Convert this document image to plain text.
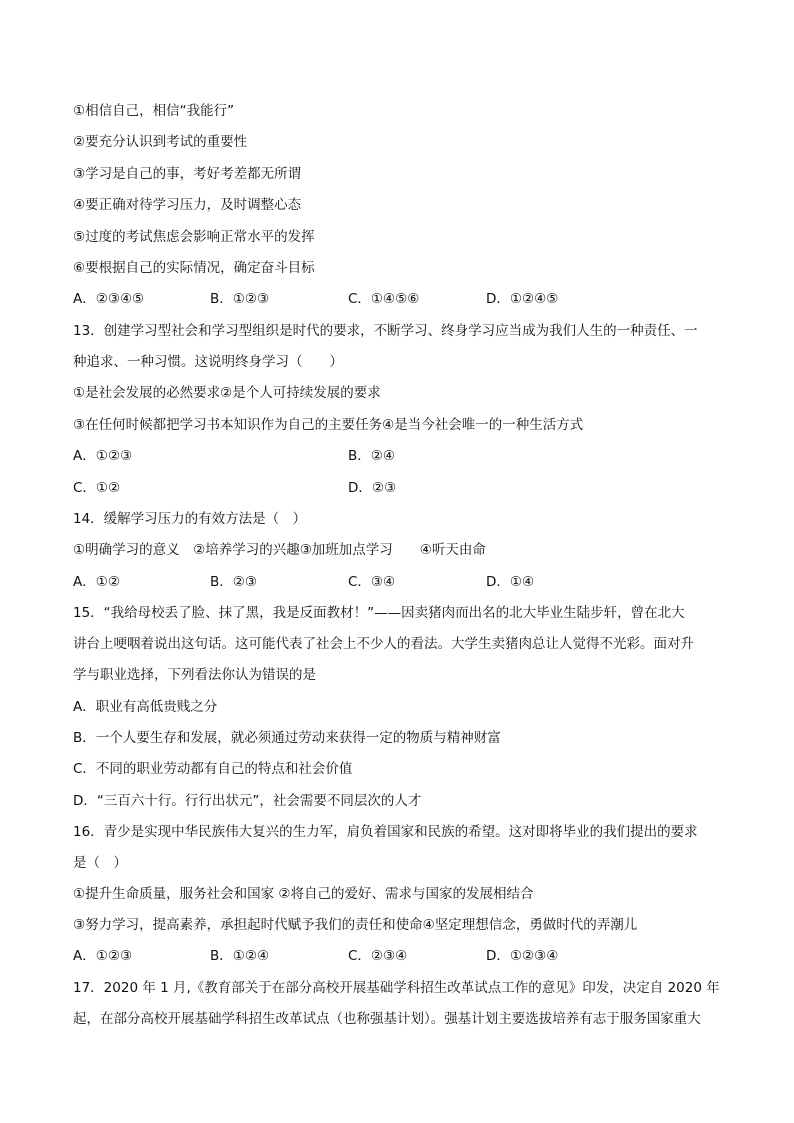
①相信自己，相信“我能行”
②要充分认识到考试的重要性
③学习是自己的事，考好考差都无所谓
④要正确对待学习压力，及时调整心态
⑤过度的考试焦虑会影响正常水平的发挥
⑥要根据自己的实际情况，确定奋斗目标
A．②③④⑤	B．①②③	C．①④⑤⑥	D．①②④⑤
13．创建学习型社会和学习型组织是时代的要求，不断学习、终身学习应当成为我们人生的一种责任、一
种追求、一种习惯。这说明终身学习（　　）
①是社会发展的必然要求②是个人可持续发展的要求
③在任何时候都把学习书本知识作为自己的主要任务④是当今社会唯一的一种生活方式
A．①②③	B．②④
C．①②	D．②③
14．缓解学习压力的有效方法是（　）
①明确学习的意义　②培养学习的兴趣③加班加点学习　　④听天由命
A．①②	B．②③	C．③④	D．①④
15．“我给母校丢了脸、抹了黑，我是反面教材！”——因卖猪肉而出名的北大毕业生陆步轩，曾在北大
讲台上哽咽着说出这句话。这可能代表了社会上不少人的看法。大学生卖猪肉总让人觉得不光彩。面对升
学与职业选择，下列看法你认为错误的是
A．职业有高低贵贱之分
B．一个人要生存和发展，就必须通过劳动来获得一定的物质与精神财富
C．不同的职业劳动都有自己的特点和社会价值
D．“三百六十行。行行出状元”，社会需要不同层次的人才
16．青少是实现中华民族伟大复兴的生力军，肩负着国家和民族的希望。这对即将毕业的我们提出的要求
是（　）
①提升生命质量，服务社会和国家 ②将自己的爱好、需求与国家的发展相结合
③努力学习，提高素养，承担起时代赋予我们的责任和使命④坚定理想信念，勇做时代的弄潮儿
A．①②③	B．①②④	C．②③④	D．①②③④
17．2020 年 1 月,《教育部关于在部分高校开展基础学科招生改革试点工作的意见》印发，决定自 2020 年
起，在部分高校开展基础学科招生改革试点（也称强基计划）。强基计划主要选拔培养有志于服务国家重大
